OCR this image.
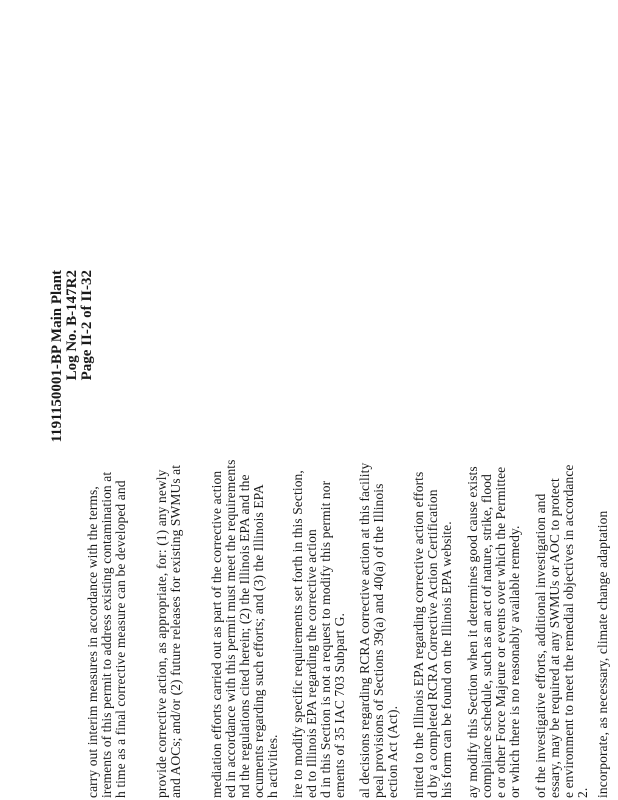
1191150001-BP Main Plant Log No. B-147R2 Page II-2 of II-32
carry out interim measures in accordance with the terms, irements of this permit to address existing contamination at h time as a final corrective measure can be developed and provide corrective action, as appropriate, for: (1) any newly and AOCs; and/or (2) future releases for existing SWMUs at mediation efforts carried out as part of the corrective action ed in accordance with this permit must meet the requirements nd the regulations cited herein; (2) the Illinois EPA and the ocuments regarding such efforts; and (3) the Illinois EPA h activities. ire to modify specific requirements set forth in this Section, ed to Illinois EPA regarding the corrective action d in this Section is not a request to modify this permit nor ements of 35 IAC 703 Subpart G. al decisions regarding RCRA corrective action at this facility peal provisions of Sections 39(a) and 40(a) of the Illinois ection Act (Act). nitted to the Illinois EPA regarding corrective action efforts d by a completed RCRA Corrective Action Certification his form can be found on the Illinois EPA website. ay modify this Section when it determines good cause exists compliance schedule, such as an act of nature, strike, flood e or other Force Majeure or events over which the Permittee or which there is no reasonably available remedy. of the investigative efforts, additional investigation and essary, may be required at any SWMUs or AOC to protect e environment to meet the remedial objectives in accordance 2. incorporate, as necessary, climate change adaptation
